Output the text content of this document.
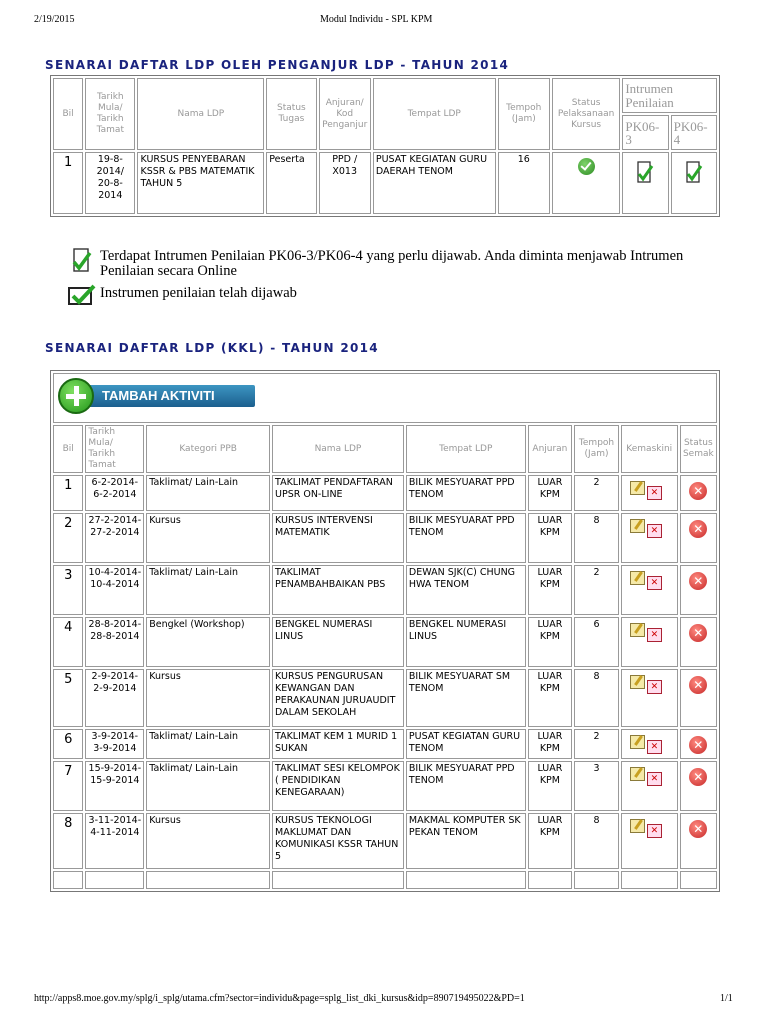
2/19/2015	Modul Individu - SPL KPM
SENARAI DAFTAR LDP OLEH PENGANJUR LDP - TAHUN 2014
Bil	Tarikh Mula/ Tarikh Tamat	Nama LDP	Status Tugas	Anjuran/ Kod Penganjur	Tempat LDP	Tempoh (Jam)	Status Pelaksanaan Kursus	Intrumen Penilaian	
								PK06-3	PK06-4
1	19-8-2014/ 20-8-2014	KURSUS PENYEBARAN KSSR & PBS MATEMATIK TAHUN 5	Peserta	PPD / X013	PUSAT KEGIATAN GURU DAERAH TENOM	16			
Terdapat Intrumen Penilaian PK06-3/PK06-4 yang perlu dijawab. Anda diminta menjawab Intrumen Penilaian secara Online
Instrumen penilaian telah dijawab
SENARAI DAFTAR LDP (KKL) - TAHUN 2014
TAMBAH AKTIVITI								

Bil	Tarikh Mula/ Tarikh Tamat	Kategori PPB	Nama LDP	Tempat LDP	Anjuran	Tempoh (Jam)	Kemaskini	Status Semak
1	6-2-2014- 6-2-2014	Taklimat/ Lain-Lain	TAKLIMAT PENDAFTARAN UPSR ON-LINE	BILIK MESYUARAT PPD TENOM	LUAR KPM	2	✕	✕
2	27-2-2014- 27-2-2014	Kursus	KURSUS INTERVENSI MATEMATIK	BILIK MESYUARAT PPD TENOM	LUAR KPM	8	✕	✕
3	10-4-2014- 10-4-2014	Taklimat/ Lain-Lain	TAKLIMAT PENAMBAHBAIKAN PBS	DEWAN SJK(C) CHUNG HWA TENOM	LUAR KPM	2	✕	✕
4	28-8-2014- 28-8-2014	Bengkel (Workshop)	BENGKEL NUMERASI LINUS	BENGKEL NUMERASI LINUS	LUAR KPM	6	✕	✕
5	2-9-2014- 2-9-2014	Kursus	KURSUS PENGURUSAN KEWANGAN DAN PERAKAUNAN JURUAUDIT DALAM SEKOLAH	BILIK MESYUARAT SM TENOM	LUAR KPM	8	✕	✕
6	3-9-2014- 3-9-2014	Taklimat/ Lain-Lain	TAKLIMAT KEM 1 MURID 1 SUKAN	PUSAT KEGIATAN GURU TENOM	LUAR KPM	2	✕	✕
7	15-9-2014- 15-9-2014	Taklimat/ Lain-Lain	TAKLIMAT SESI KELOMPOK ( PENDIDIKAN KENEGARAAN)	BILIK MESYUARAT PPD TENOM	LUAR KPM	3	✕	✕
8	3-11-2014- 4-11-2014	Kursus	KURSUS TEKNOLOGI MAKLUMAT DAN KOMUNIKASI KSSR TAHUN 5	MAKMAL KOMPUTER SK PEKAN TENOM	LUAR KPM	8	✕	✕

http://apps8.moe.gov.my/splg/i_splg/utama.cfm?sector=individu&page=splg_list_dki_kursus&idp=890719495022&PD=1	1/1
